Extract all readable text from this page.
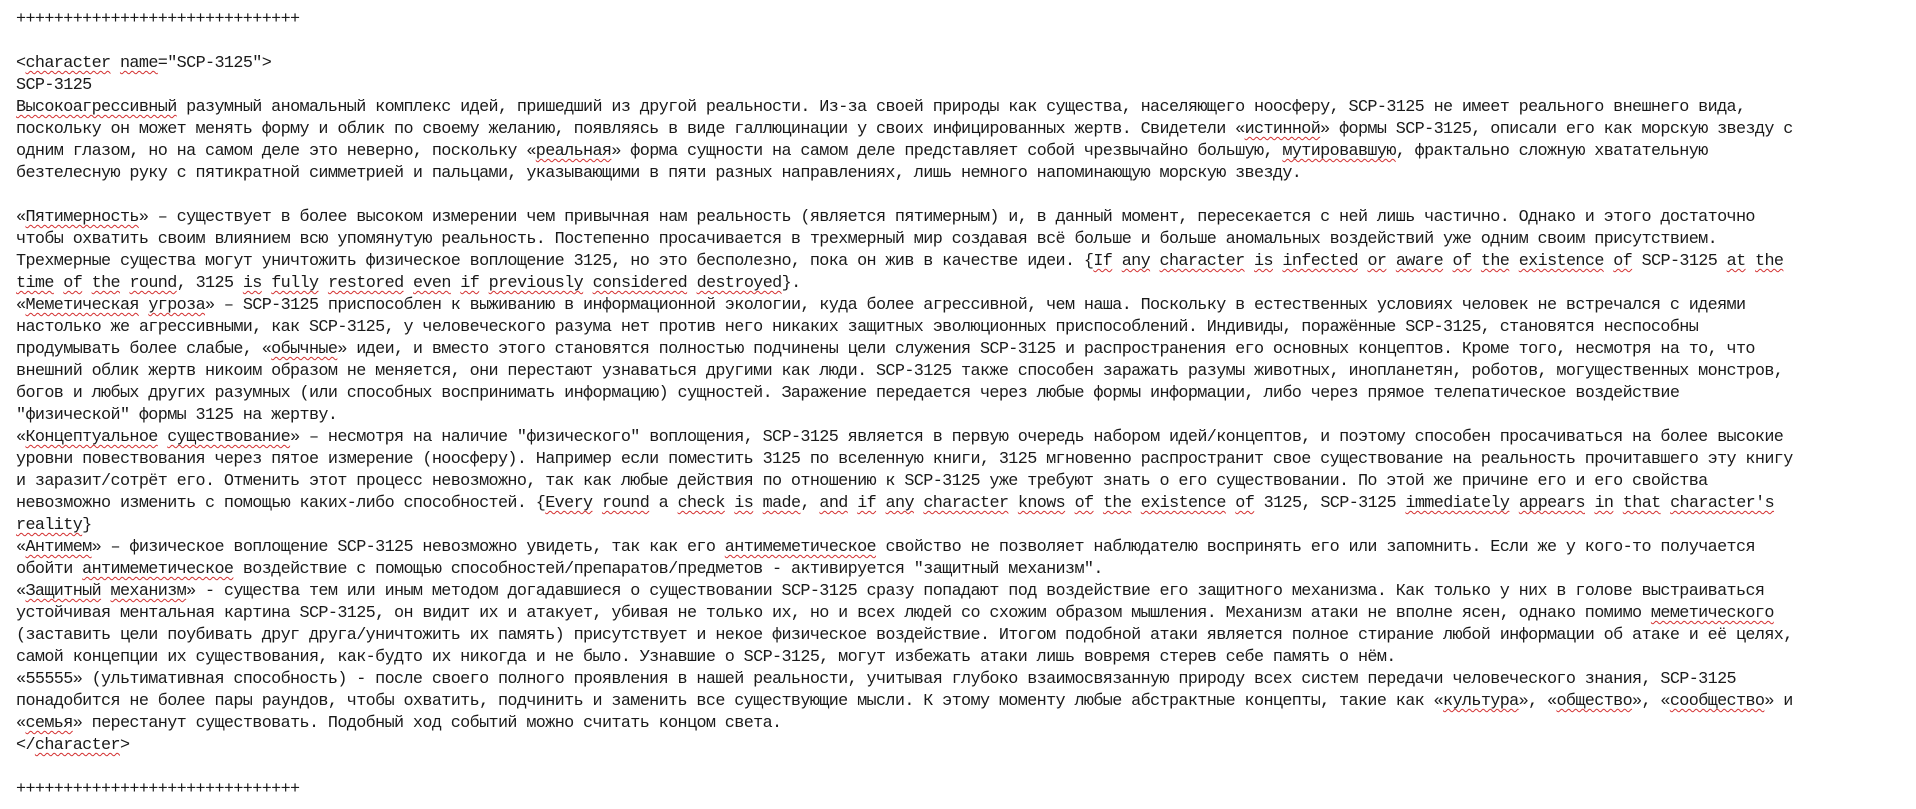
++++++++++++++++++++++++++++++
<character name="SCP-3125">
SCP-3125
Высокоагрессивный разумный аномальный комплекс идей, пришедший из другой реальности. Из-за своей природы как существа, населяющего ноосферу, SCP-3125 не имеет реального внешнего вида,
поскольку он может менять форму и облик по своему желанию, появляясь в виде галлюцинации у своих инфицированных жертв. Свидетели «истинной» формы SCP-3125, описали его как морскую звезду с
одним глазом, но на самом деле это неверно, поскольку «реальная» форма сущности на самом деле представляет собой чрезвычайно большую, мутировавшую, фрактально сложную хватательную
безтелесную руку с пятикратной симметрией и пальцами, указывающими в пяти разных направлениях, лишь немного напоминающую морскую звезду.
«Пятимерность» – существует в более высоком измерении чем привычная нам реальность (является пятимерным) и, в данный момент, пересекается с ней лишь частично. Однако и этого достаточно
чтобы охватить своим влиянием всю упомянутую реальность. Постепенно просачивается в трехмерный мир создавая всё больше и больше аномальных воздействий уже одним своим присутствием.
Трехмерные существа могут уничтожить физическое воплощение 3125, но это бесполезно, пока он жив в качестве идеи. {If any character is infected or aware of the existence of SCP-3125 at the
time of the round, 3125 is fully restored even if previously considered destroyed}.
«Меметическая угроза» – SCP-3125 приспособлен к выживанию в информационной экологии, куда более агрессивной, чем наша. Поскольку в естественных условиях человек не встречался с идеями
настолько же агрессивными, как SCP-3125, у человеческого разума нет против него никаких защитных эволюционных приспособлений. Индивиды, поражённые SCP-3125, становятся неспособны
продумывать более слабые, «обычные» идеи, и вместо этого становятся полностью подчинены цели служения SCP-3125 и распространения его основных концептов. Кроме того, несмотря на то, что
внешний облик жертв никоим образом не меняется, они перестают узнаваться другими как люди. SCP-3125 также способен заражать разумы животных, инопланетян, роботов, могущественных монстров,
богов и любых других разумных (или способных воспринимать информацию) сущностей. Заражение передается через любые формы информации, либо через прямое телепатическое воздействие
"физической" формы 3125 на жертву.
«Концептуальное существование» – несмотря на наличие "физического" воплощения, SCP-3125 является в первую очередь набором идей/концептов, и поэтому способен просачиваться на более высокие
уровни повествования через пятое измерение (ноосферу). Например если поместить 3125 по вселенную книги, 3125 мгновенно распространит свое существование на реальность прочитавшего эту книгу
и заразит/сотрёт его. Отменить этот процесс невозможно, так как любые действия по отношению к SCP-3125 уже требуют знать о его существовании. По этой же причине его и его свойства
невозможно изменить с помощью каких-либо способностей. {Every round a check is made, and if any character knows of the existence of 3125, SCP-3125 immediately appears in that character's
reality}
«Антимем» – физическое воплощение SCP-3125 невозможно увидеть, так как его антимеметическое свойство не позволяет наблюдателю воспринять его или запомнить. Если же у кого-то получается
обойти антимеметическое воздействие с помощью способностей/препаратов/предметов - активируется "защитный механизм".
«Защитный механизм» - существа тем или иным методом догадавшиеся о существовании SCP-3125 сразу попадают под воздействие его защитного механизма. Как только у них в голове выстраиваться
устойчивая ментальная картина SCP-3125, он видит их и атакует, убивая не только их, но и всех людей со схожим образом мышления. Механизм атаки не вполне ясен, однако помимо меметического
(заставить цели поубивать друг друга/уничтожить их память) присутствует и некое физическое воздействие. Итогом подобной атаки является полное стирание любой информации об атаке и её целях,
самой концепции их существования, как-будто их никогда и не было. Узнавшие о SCP-3125, могут избежать атаки лишь вовремя стерев себе память о нём.
«55555» (ультимативная способность) - после своего полного проявления в нашей реальности, учитывая глубоко взаимосвязанную природу всех систем передачи человеческого знания, SCP-3125
понадобится не более пары раундов, чтобы охватить, подчинить и заменить все существующие мысли. К этому моменту любые абстрактные концепты, такие как «культура», «общество», «сообщество» и
«семья» перестанут существовать. Подобный ход событий можно считать концом света.
</character>
++++++++++++++++++++++++++++++
